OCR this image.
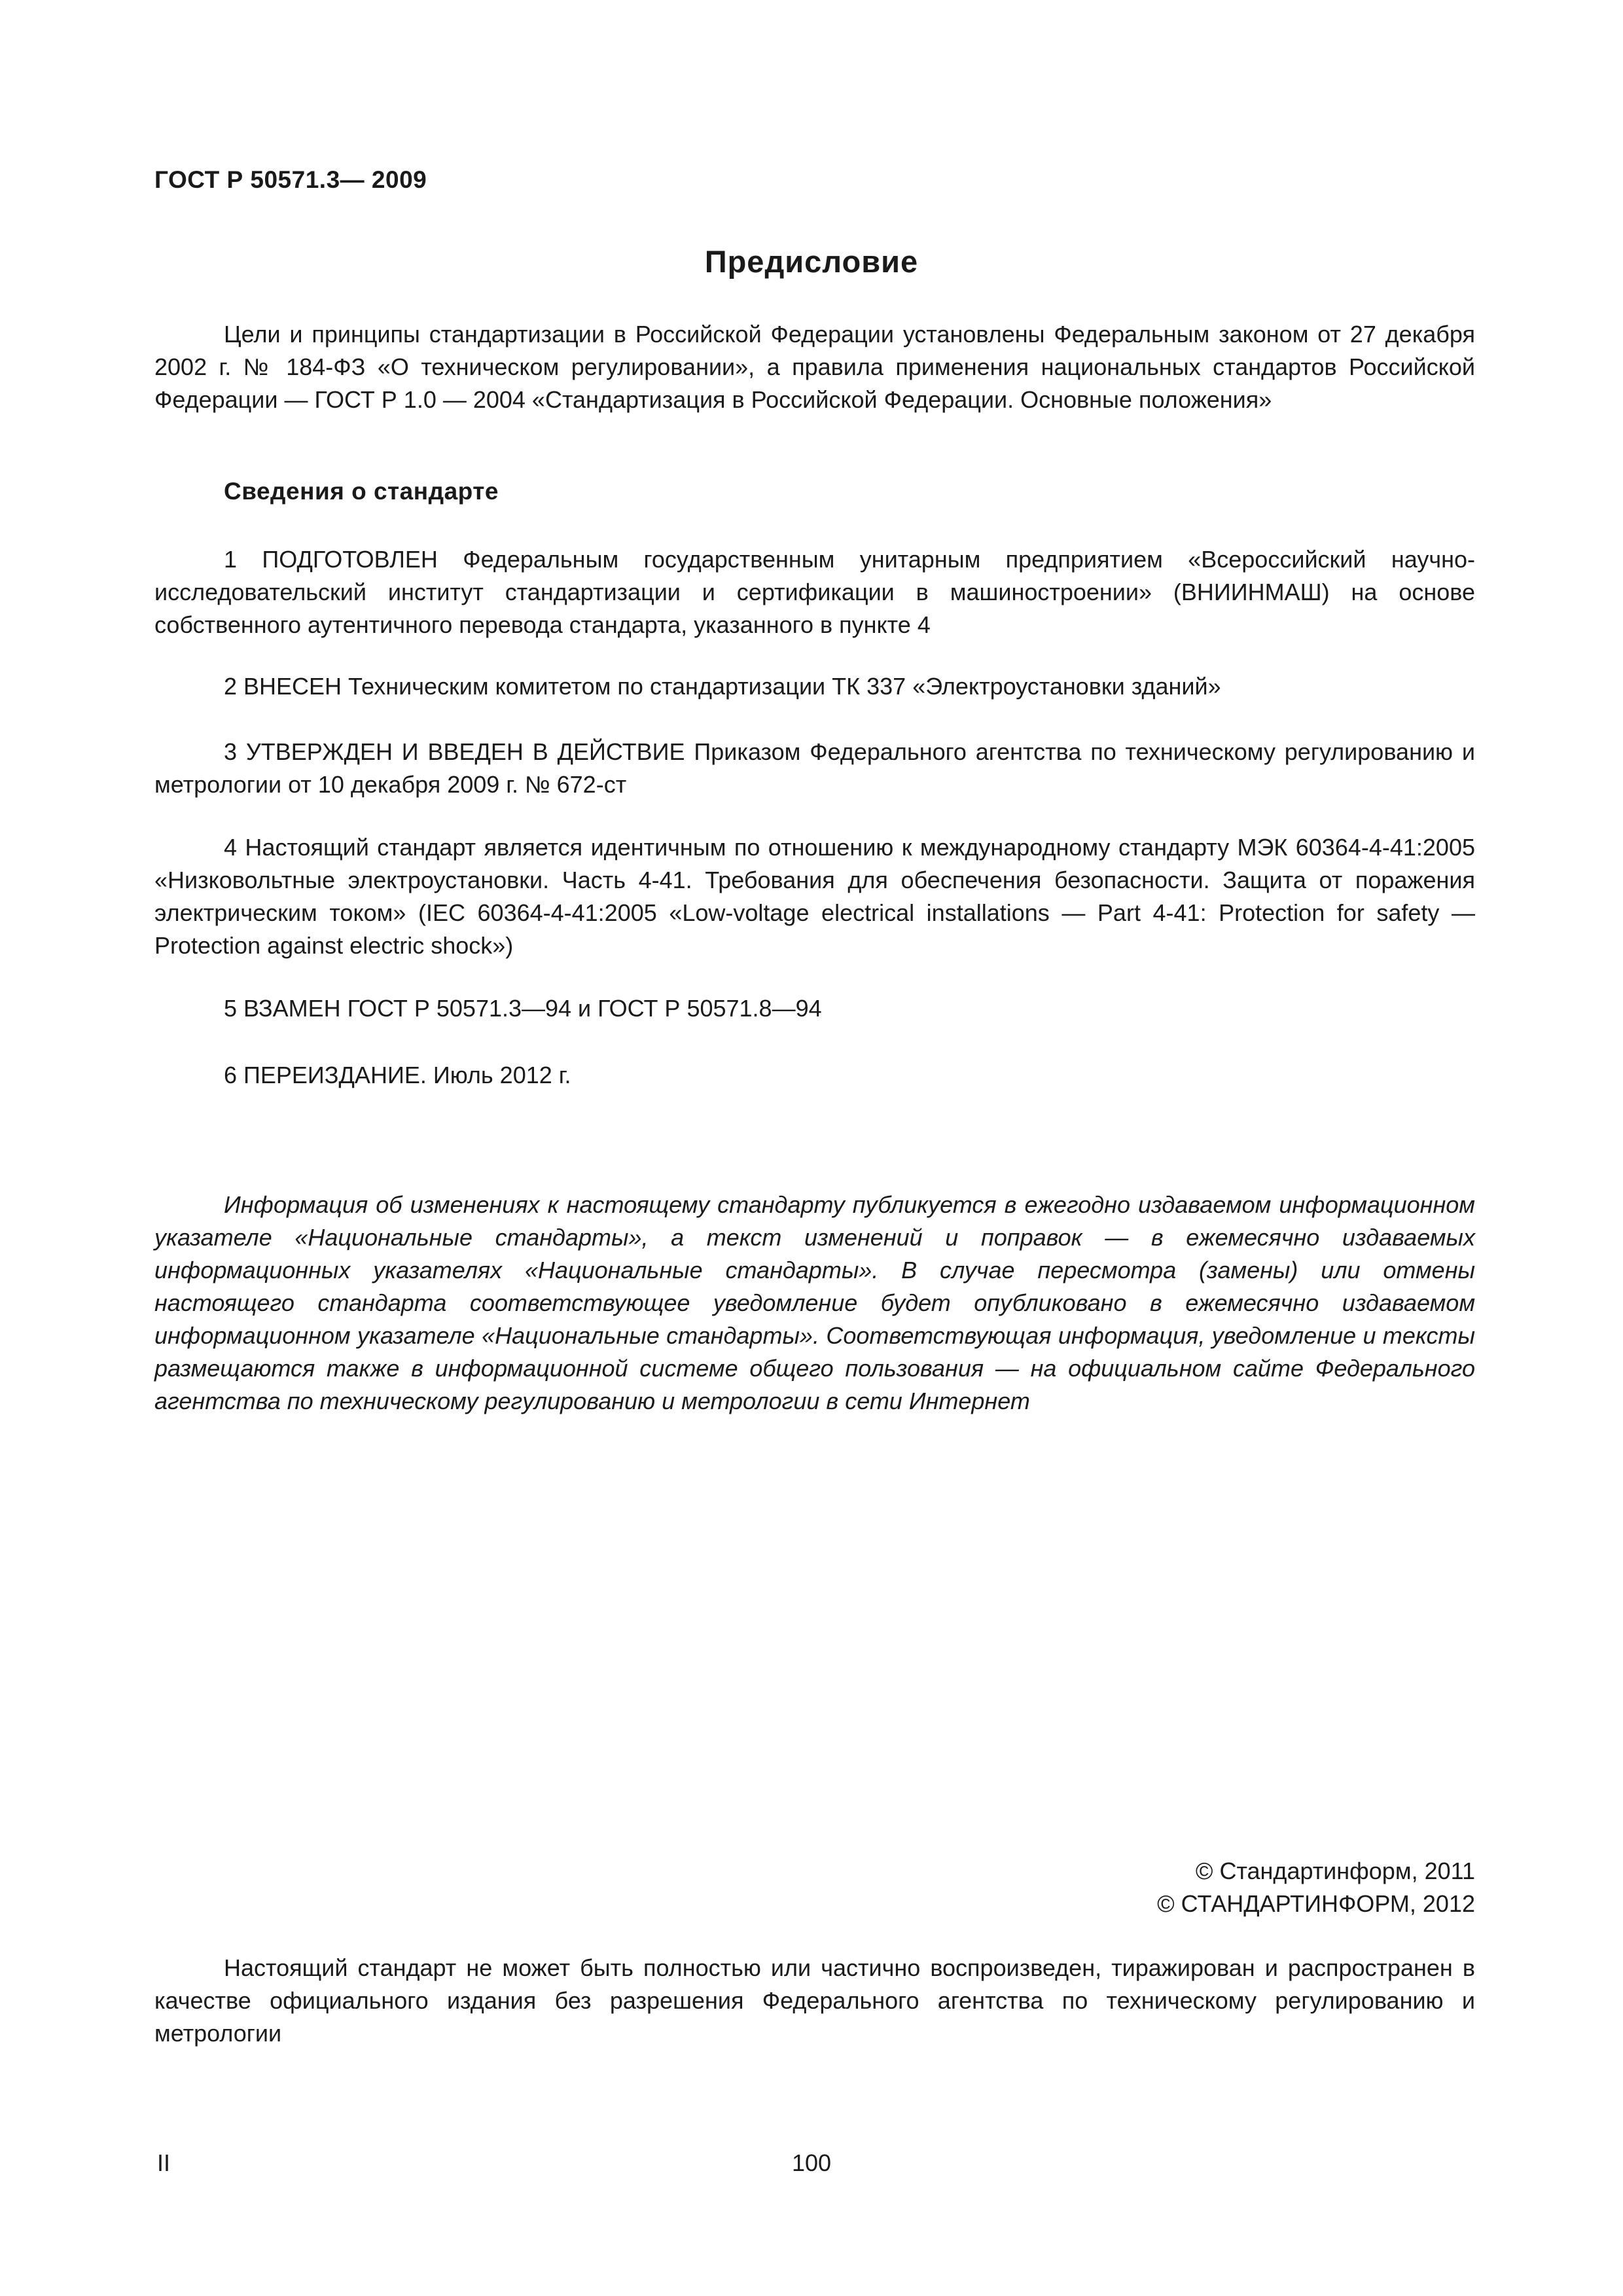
ГОСТ Р 50571.3— 2009
Предисловие

Цели и принципы стандартизации в Российской Федерации установлены Федеральным законом от 27 декабря 2002 г. № 184-ФЗ «О техническом регулировании», а правила применения национальных стандартов Российской Федерации — ГОСТ Р 1.0 — 2004 «Стандартизация в Российской Федерации. Основные положения»

Сведения о стандарте

1 ПОДГОТОВЛЕН Федеральным государственным унитарным предприятием «Всероссийский научно-исследовательский институт стандартизации и сертификации в машиностроении» (ВНИИНМАШ) на основе собственного аутентичного перевода стандарта, указанного в пункте 4

2 ВНЕСЕН Техническим комитетом по стандартизации ТК 337 «Электроустановки зданий»

3 УТВЕРЖДЕН И ВВЕДЕН В ДЕЙСТВИЕ Приказом Федерального агентства по техническому регулированию и метрологии от 10 декабря 2009 г. № 672-ст

4 Настоящий стандарт является идентичным по отношению к международному стандарту МЭК 60364-4-41:2005 «Низковольтные электроустановки. Часть 4-41. Требования для обеспечения безопасности. Защита от поражения электрическим током» (IEC 60364-4-41:2005 «Low-voltage electrical installations — Part 4-41: Protection for safety — Protection against electric shock»)

5 ВЗАМЕН ГОСТ Р 50571.3—94 и ГОСТ Р 50571.8—94

6 ПЕРЕИЗДАНИЕ. Июль 2012 г.

Информация об изменениях к настоящему стандарту публикуется в ежегодно издаваемом информационном указателе «Национальные стандарты», а текст изменений и поправок — в ежемесячно издаваемых информационных указателях «Национальные стандарты». В случае пересмотра (замены) или отмены настоящего стандарта соответствующее уведомление будет опубликовано в ежемесячно издаваемом информационном указателе «Национальные стандарты». Соответствующая информация, уведомление и тексты размещаются также в информационной системе общего пользования — на официальном сайте Федерального агентства по техническому регулированию и метрологии в сети Интернет

© Стандартинформ, 2011
© СТАНДАРТИНФОРМ, 2012

Настоящий стандарт не может быть полностью или частично воспроизведен, тиражирован и распространен в качестве официального издания без разрешения Федерального агентства по техническому регулированию и метрологии

II	100
